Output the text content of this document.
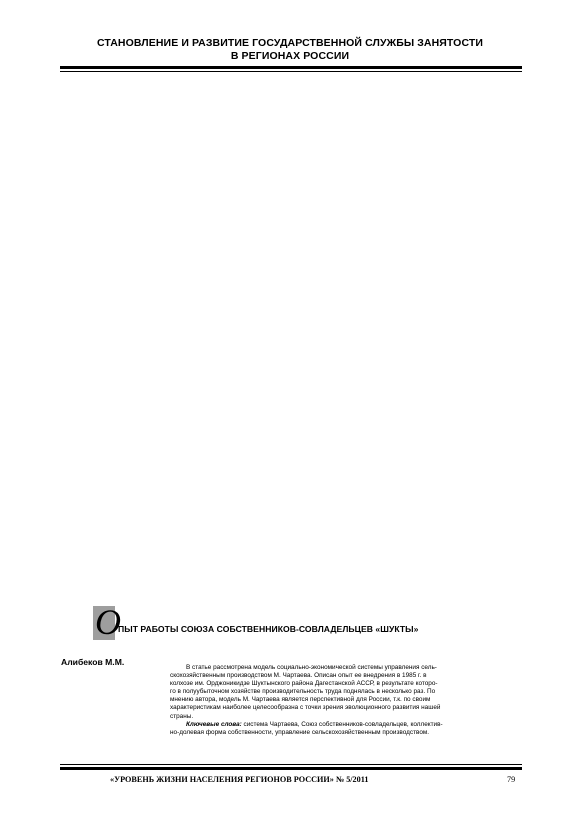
СТАНОВЛЕНИЕ И РАЗВИТИЕ ГОСУДАРСТВЕННОЙ СЛУЖБЫ ЗАНЯТОСТИ
В РЕГИОНАХ РОССИИ
О
ПЫТ РАБОТЫ СОЮЗА СОБСТВЕННИКОВ-СОВЛАДЕЛЬЦЕВ «ШУКТЫ»
Алибеков М.М.
В статье рассмотрена модель социально-экономической системы управления сель-
скохозяйственным производством М. Чартаева. Описан опыт ее внедрения в 1985 г. в
колхозе им. Орджоникидзе Шуктынского района Дагестанской АССР, в результате которо-
го в полуубыточном хозяйстве производительность труда поднялась в несколько раз. По
мнению автора, модель М. Чартаева является перспективной для России, т.к. по своим
характеристикам наиболее целесообразна с точки зрения эволюционного развития нашей
страны.
Ключевые слова: система Чартаева, Союз собственников-совладельцев, коллектив-
но-долевая форма собственности, управление сельскохозяйственным производством.
«УРОВЕНЬ ЖИЗНИ НАСЕЛЕНИЯ РЕГИОНОВ РОССИИ» № 5/2011	79
